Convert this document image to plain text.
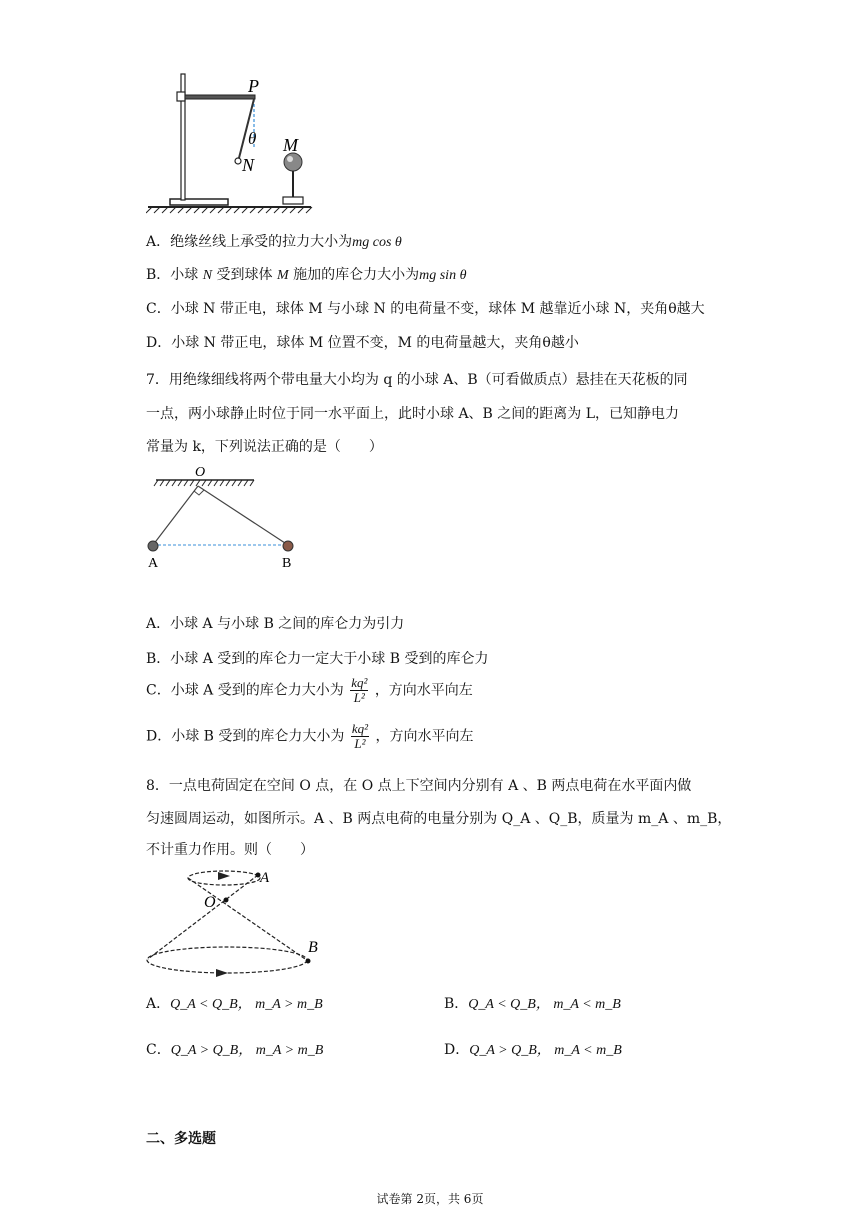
P
θ
N
M
A．绝缘丝线上承受的拉力大小为mg cos θ
B．小球 N 受到球体 M 施加的库仑力大小为mg sin θ
C．小球 N 带正电，球体 M 与小球 N 的电荷量不变，球体 M 越靠近小球 N，夹角θ越大
D．小球 N 带正电，球体 M 位置不变，M 的电荷量越大，夹角θ越小
7．用绝缘细线将两个带电量大小均为 q 的小球 A、B（可看做质点）悬挂在天花板的同
一点，两小球静止时位于同一水平面上，此时小球 A、B 之间的距离为 L，已知静电力
常量为 k，下列说法正确的是（　　）
O
A	B
A．小球 A 与小球 B 之间的库仑力为引力
B．小球 A 受到的库仑力一定大于小球 B 受到的库仑力
C．小球 A 受到的库仑力大小为 $\frac{\text{kq²}}{\text{L²}}$ ，方向水平向左
D．小球 B 受到的库仑力大小为 $\frac{\text{kq²}}{\text{L²}}$ ，方向水平向左
8．一点电荷固定在空间 O 点，在 O 点上下空间内分别有 A 、B 两点电荷在水平面内做
匀速圆周运动，如图所示。A 、B 两点电荷的电量分别为 Q_A 、Q_B，质量为 m_A 、m_B，
不计重力作用。则（　　）
A
O
B
A．Q_A < Q_B， m_A > m_B	B．Q_A < Q_B， m_A < m_B
C．Q_A > Q_B， m_A > m_B	D．Q_A > Q_B， m_A < m_B
二、多选题
试卷第 2页，共 6页
